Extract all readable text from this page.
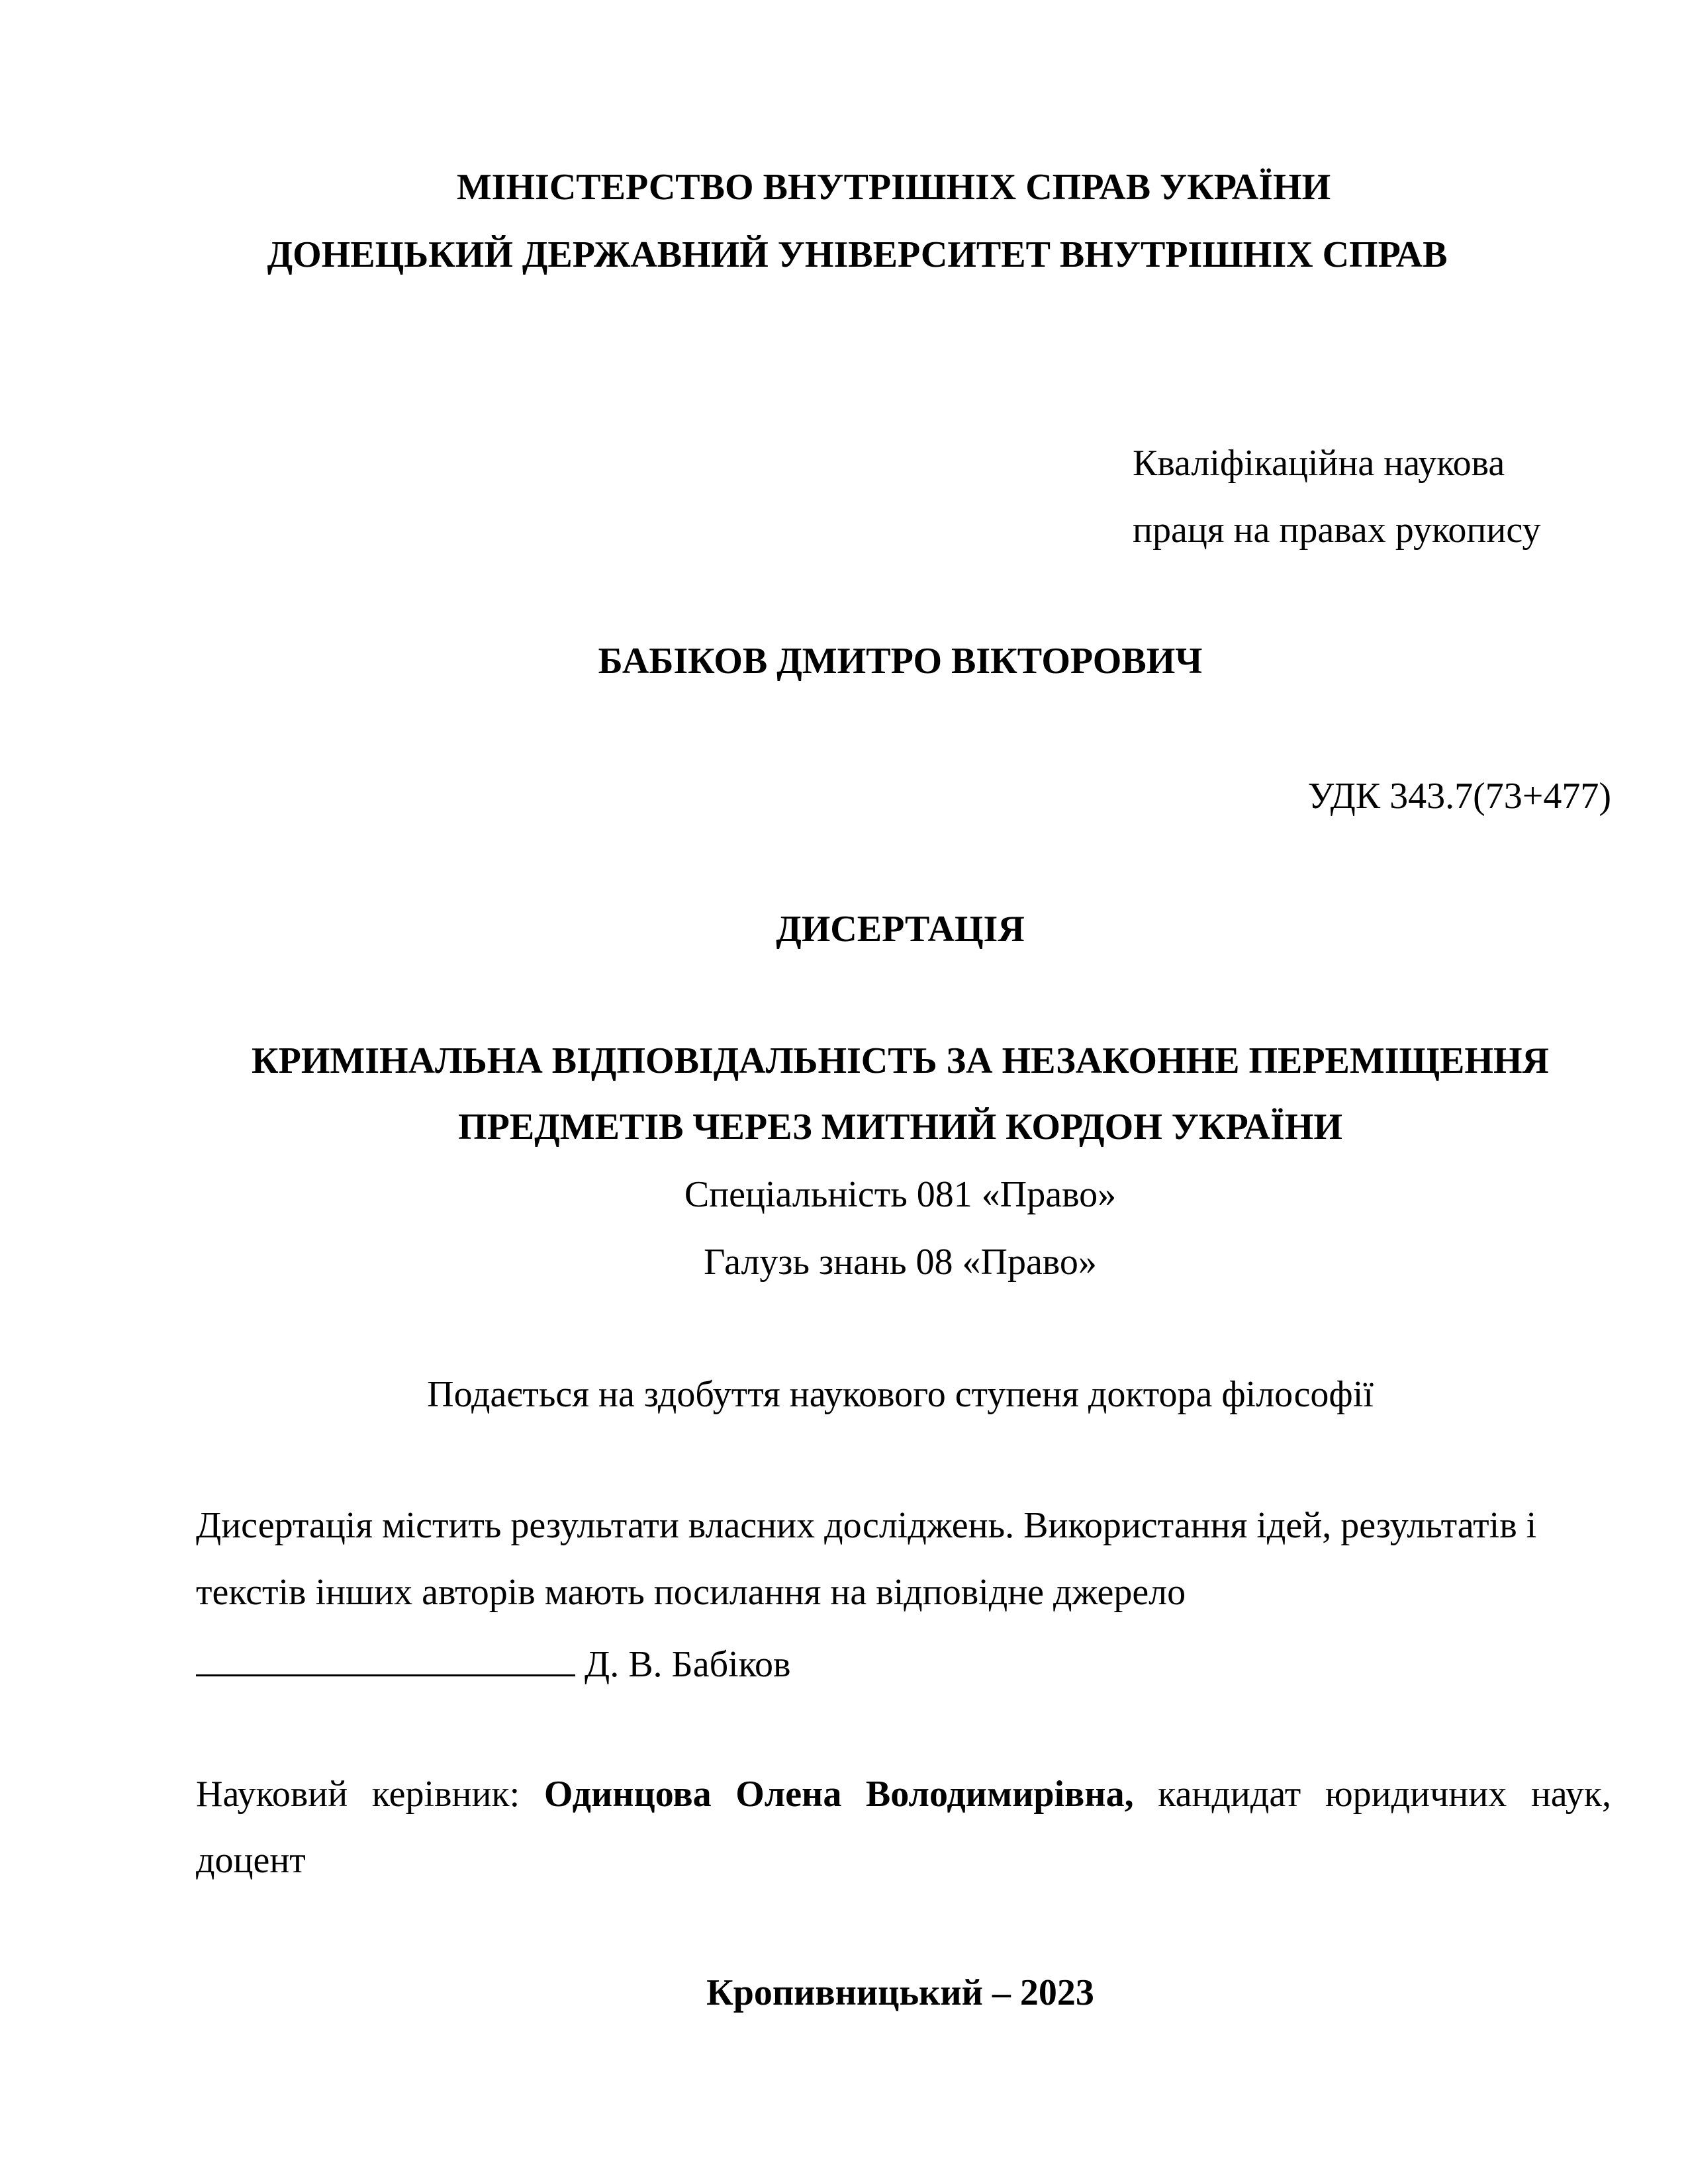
МІНІСТЕРСТВО ВНУТРІШНІХ СПРАВ УКРАЇНИ
ДОНЕЦЬКИЙ ДЕРЖАВНИЙ УНІВЕРСИТЕТ ВНУТРІШНІХ СПРАВ
Кваліфікаційна наукова
праця на правах рукопису
БАБІКОВ ДМИТРО ВІКТОРОВИЧ
УДК 343.7(73+477)
ДИСЕРТАЦІЯ
КРИМІНАЛЬНА ВІДПОВІДАЛЬНІСТЬ ЗА НЕЗАКОННЕ ПЕРЕМІЩЕННЯ
ПРЕДМЕТІВ ЧЕРЕЗ МИТНИЙ КОРДОН УКРАЇНИ
Спеціальність 081 «Право»
Галузь знань 08 «Право»
Подається на здобуття наукового ступеня доктора філософії
Дисертація містить результати власних досліджень. Використання ідей, результатів і
текстів інших авторів мають посилання на відповідне джерело
Д. В. Бабіков
Науковий керівник: Одинцова Олена Володимирівна, кандидат юридичних наук,
доцент
Кропивницький – 2023
